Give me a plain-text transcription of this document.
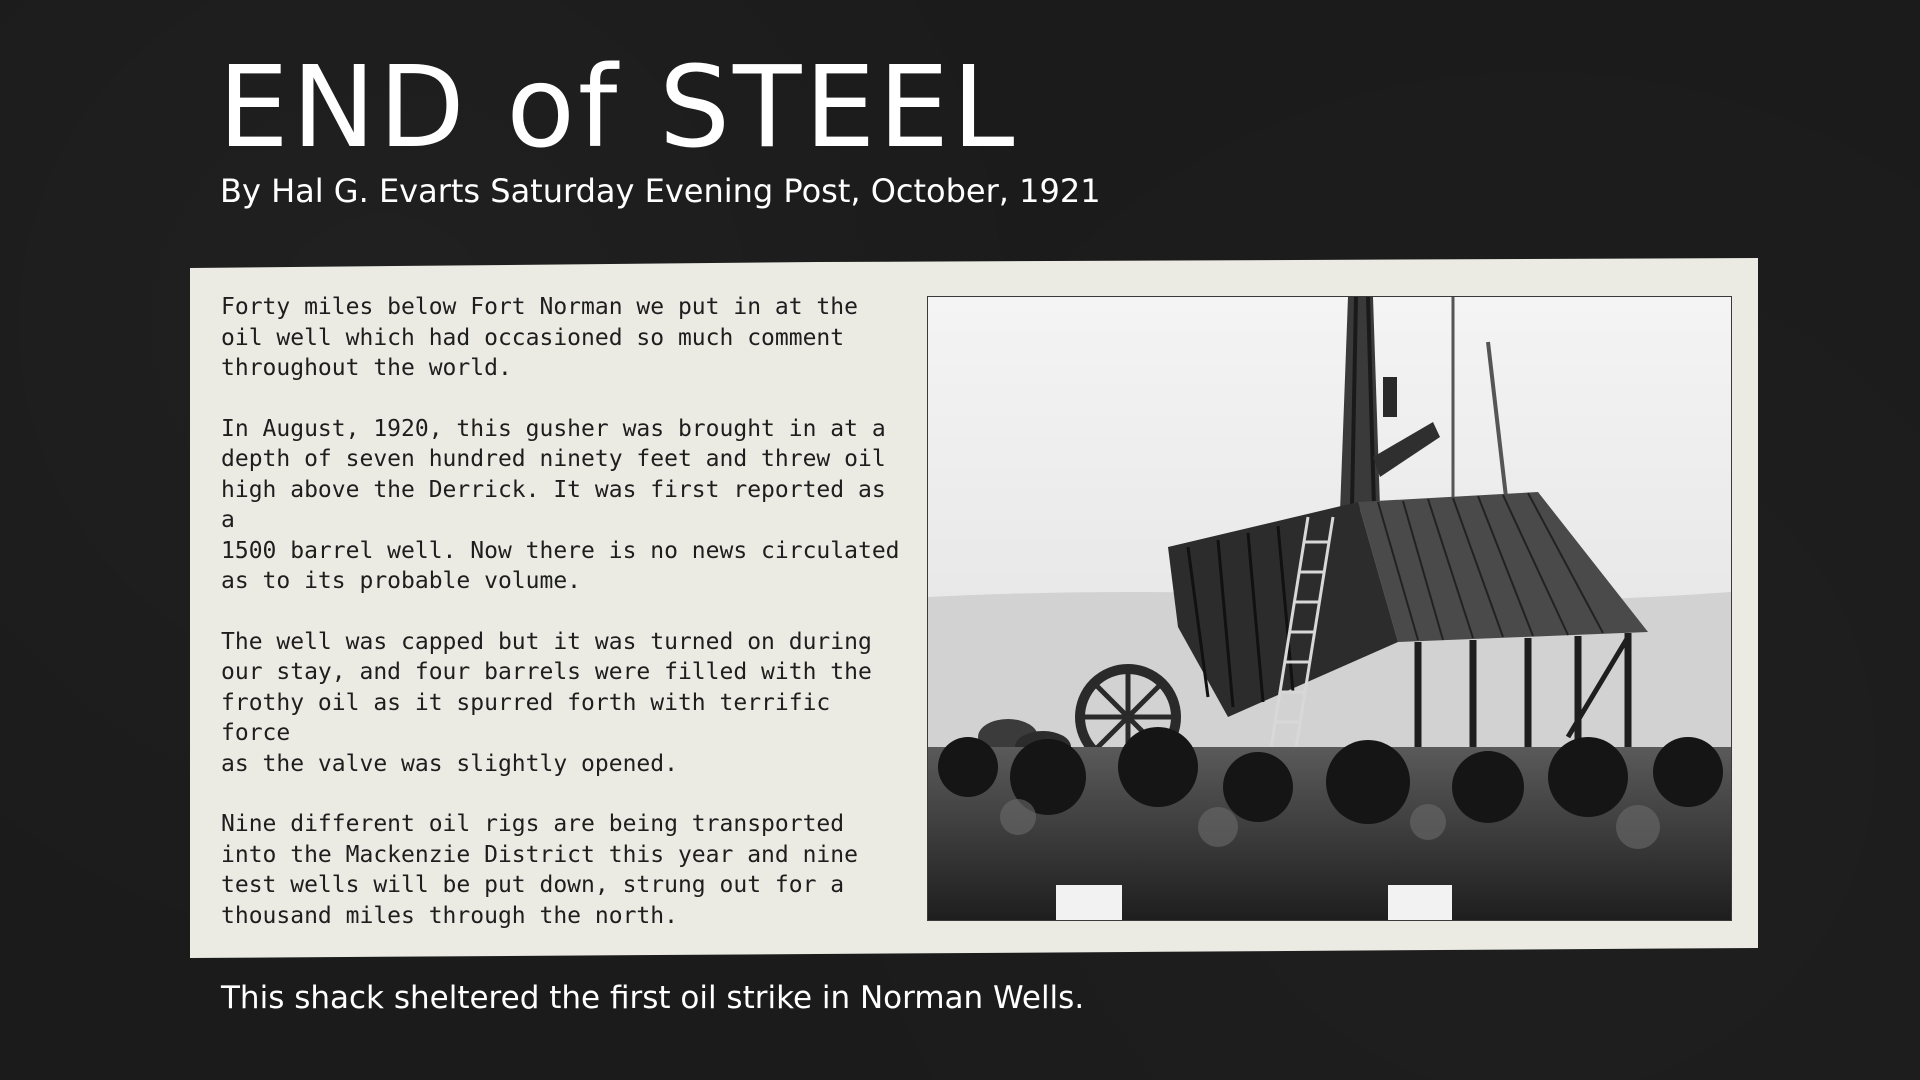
END of STEEL
By Hal G. Evarts Saturday Evening Post, October, 1921

Forty miles below Fort Norman we put in at the
oil well which had occasioned so much comment
throughout the world.

In August, 1920, this gusher was brought in at a
depth of seven hundred ninety feet and threw oil
high above the Derrick. It was first reported as a
1500 barrel well. Now there is no news circulated
as to its probable volume.

The well was capped but it was turned on during
our stay, and four barrels were filled with the
frothy oil as it spurred forth with terrific force
as the valve was slightly opened.

Nine different oil rigs are being transported
into the Mackenzie District this year and nine
test wells will be put down, strung out for a
thousand miles through the north.

This shack sheltered the first oil strike in Norman Wells.
